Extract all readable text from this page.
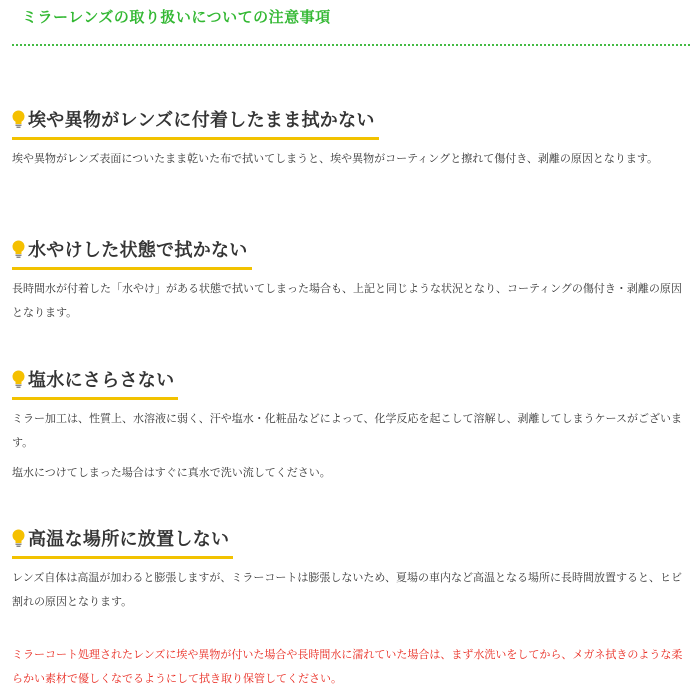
ミラーレンズの取り扱いについての注意事項
埃や異物がレンズに付着したまま拭かない

埃や異物がレンズ表面についたまま乾いた布で拭いてしまうと、埃や異物がコーティングと擦れて傷付き、剥離の原因となります。

水やけした状態で拭かない

長時間水が付着した「水やけ」がある状態で拭いてしまった場合も、上記と同じような状況となり、コーティングの傷付き・剥離の原因となります。

塩水にさらさない

ミラー加工は、性質上、水溶液に弱く、汗や塩水・化粧品などによって、化学反応を起こして溶解し、剥離してしまうケースがございます。

塩水につけてしまった場合はすぐに真水で洗い流してください。

高温な場所に放置しない

レンズ自体は高温が加わると膨張しますが、ミラーコートは膨張しないため、夏場の車内など高温となる場所に長時間放置すると、ヒビ割れの原因となります。

ミラーコート処理されたレンズに埃や異物が付いた場合や長時間水に濡れていた場合は、まず水洗いをしてから、メガネ拭きのような柔らかい素材で優しくなでるようにして拭き取り保管してください。
